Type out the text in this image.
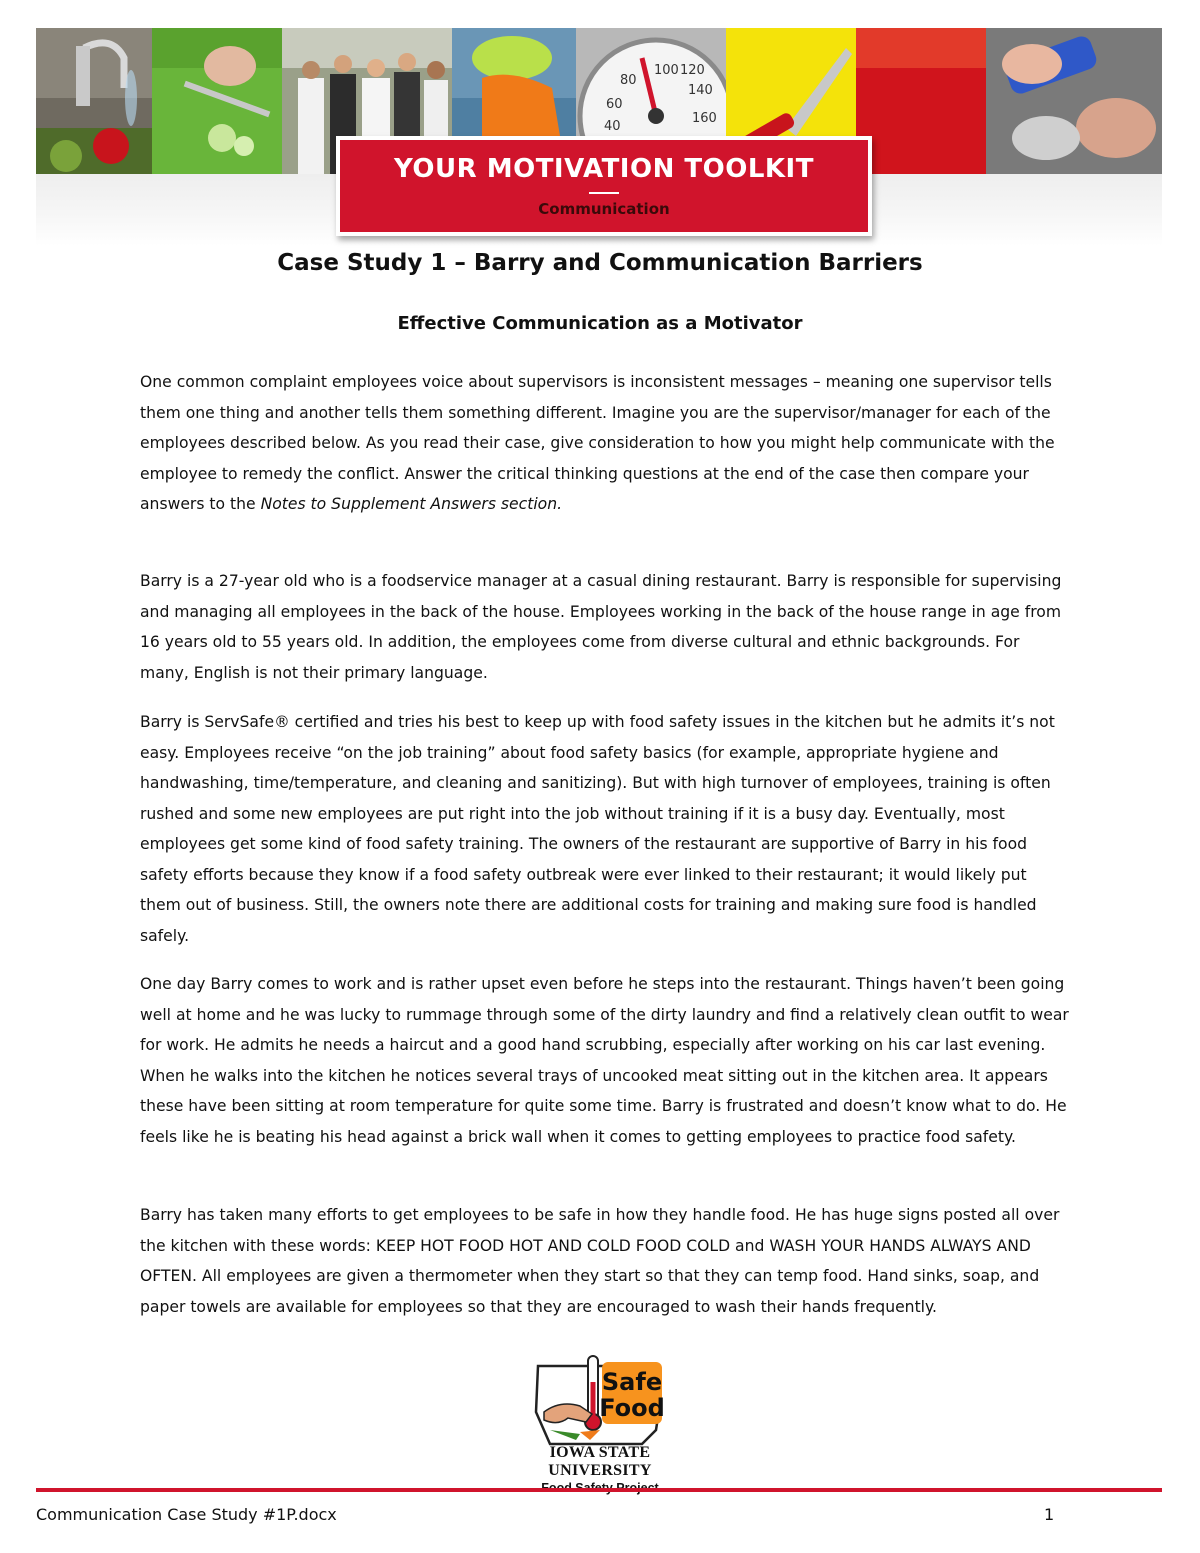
80
100 120
140
160
60
40
YOUR MOTIVATION TOOLKIT
Communication
Case Study 1 – Barry and Communication Barriers
Effective Communication as a Motivator

One common complaint employees voice about supervisors is inconsistent messages – meaning one supervisor tells them one thing and another tells them something different. Imagine you are the supervisor/manager for each of the employees described below. As you read their case, give consideration to how you might help communicate with the employee to remedy the conflict. Answer the critical thinking questions at the end of the case then compare your answers to the Notes to Supplement Answers section.

Barry is a 27-year old who is a foodservice manager at a casual dining restaurant. Barry is responsible for supervising and managing all employees in the back of the house. Employees working in the back of the house range in age from 16 years old to 55 years old. In addition, the employees come from diverse cultural and ethnic backgrounds. For many, English is not their primary language.

Barry is ServSafe® certified and tries his best to keep up with food safety issues in the kitchen but he admits it’s not easy. Employees receive “on the job training” about food safety basics (for example, appropriate hygiene and handwashing, time/temperature, and cleaning and sanitizing). But with high turnover of employees, training is often rushed and some new employees are put right into the job without training if it is a busy day. Eventually, most employees get some kind of food safety training. The owners of the restaurant are supportive of Barry in his food safety efforts because they know if a food safety outbreak were ever linked to their restaurant; it would likely put them out of business. Still, the owners note there are additional costs for training and making sure food is handled safely.

One day Barry comes to work and is rather upset even before he steps into the restaurant. Things haven’t been going well at home and he was lucky to rummage through some of the dirty laundry and find a relatively clean outfit to wear for work. He admits he needs a haircut and a good hand scrubbing, especially after working on his car last evening. When he walks into the kitchen he notices several trays of uncooked meat sitting out in the kitchen area. It appears these have been sitting at room temperature for quite some time. Barry is frustrated and doesn’t know what to do. He feels like he is beating his head against a brick wall when it comes to getting employees to practice food safety.

Barry has taken many efforts to get employees to be safe in how they handle food. He has huge signs posted all over the kitchen with these words: KEEP HOT FOOD HOT AND COLD FOOD COLD and WASH YOUR HANDS ALWAYS AND OFTEN. All employees are given a thermometer when they start so that they can temp food. Hand sinks, soap, and paper towels are available for employees so that they are encouraged to wash their hands frequently.

Safe
Food
IOWA STATE UNIVERSITY
Communication Case Study #1P.docx	1
